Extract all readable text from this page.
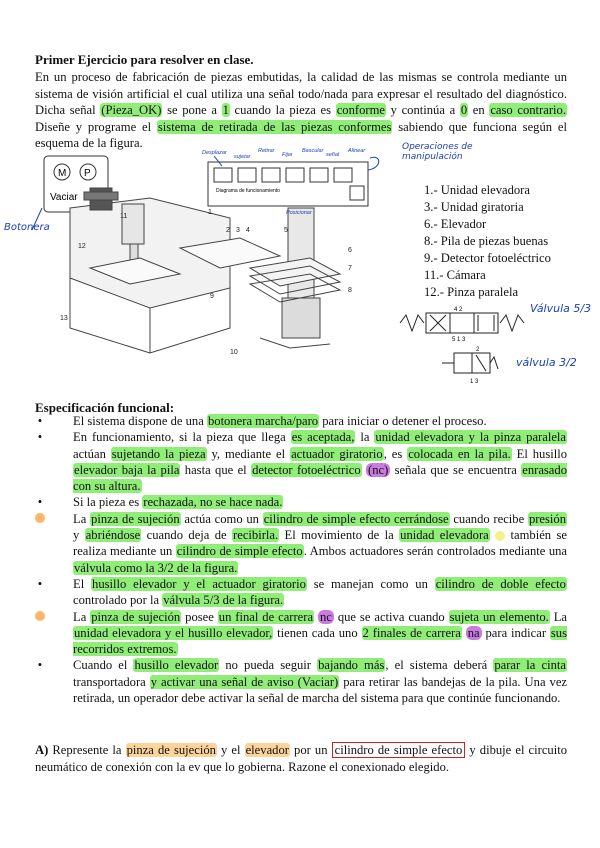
Primer Ejercicio para resolver en clase.
En un proceso de fabricación de piezas embutidas, la calidad de las mismas se controla mediante un sistema de visión artificial el cual utiliza una señal todo/nada para expresar el resultado del diagnóstico. Dicha señal (Pieza_OK) se pone a 1 cuando la pieza es conforme y continúa a 0 en caso contrario. Diseñe y programe el sistema de retirada de las piezas conformes sabiendo que funciona según el esquema de la figura.
M P
Vaciar
Diagrama de funcionamiento
1
2 3 4	5
6
7
8
9
10
11
12
13
Desplazar
sujetar
Retirar
Fijar
Bascular
señal
Alinear
Posicionar
Botonera
Operaciones de manipulación
1.- Unidad elevadora
3.- Unidad giratoria
6.- Elevador
8.- Pila de piezas buenas
9.- Detector fotoeléctrico
11.- Cámara
12.- Pinza paralela
4 2
5 1 3
Válvula 5/3
2
1 3
válvula 3/2
Especificación funcional:
• El sistema dispone de una botonera marcha/paro para iniciar o detener el proceso.
• En funcionamiento, si la pieza que llega es aceptada, la unidad elevadora y la pinza paralela actúan sujetando la pieza y, mediante el actuador giratorio, es colocada en la pila. El husillo elevador baja la pila hasta que el detector fotoeléctrico (nc) señala que se encuentra enrasado con su altura.
• Si la pieza es rechazada, no se hace nada.
La pinza de sujeción actúa como un cilindro de simple efecto cerrándose cuando recibe presión y abriéndose cuando deja de recibirla. El movimiento de la unidad elevadora  también se realiza mediante un cilindro de simple efecto. Ambos actuadores serán controlados mediante una válvula como la 3/2 de la figura.
• El husillo elevador y el actuador giratorio se manejan como un cilindro de doble efecto controlado por la válvula 5/3 de la figura.
La pinza de sujeción posee un final de carrera nc que se activa cuando sujeta un elemento. La unidad elevadora y el husillo elevador, tienen cada uno 2 finales de carrera na para indicar sus recorridos extremos.
• Cuando el husillo elevador no pueda seguir bajando más, el sistema deberá parar la cinta transportadora y activar una señal de aviso (Vaciar) para retirar las bandejas de la pila. Una vez retirada, un operador debe activar la señal de marcha del sistema para que continúe funcionando.
A) Represente la pinza de sujeción y el elevador por un cilindro de simple efecto y dibuje el circuito neumático de conexión con la ev que lo gobierna. Razone el conexionado elegido.
